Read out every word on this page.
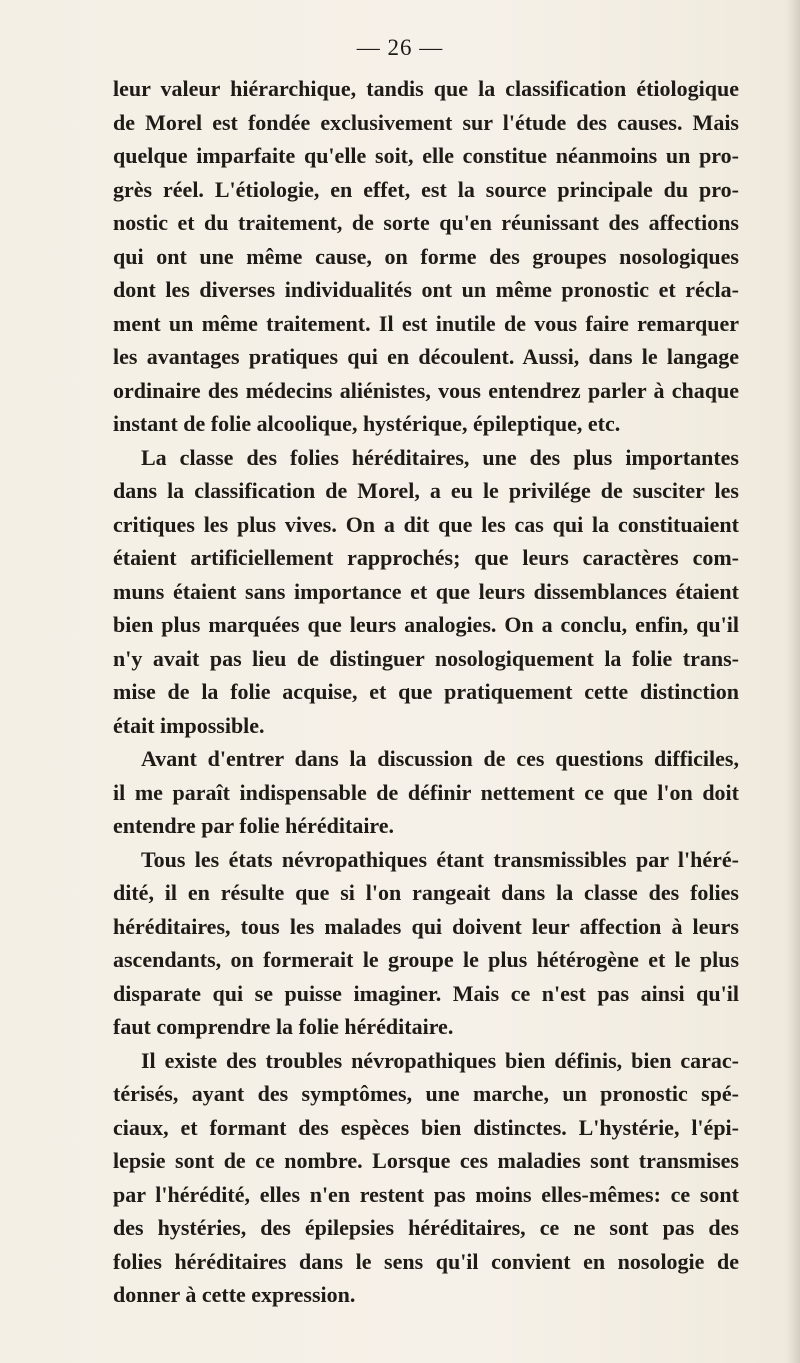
— 26 —
leur valeur hiérarchique, tandis que la classification étiologique
de Morel est fondée exclusivement sur l'étude des causes. Mais
quelque imparfaite qu'elle soit, elle constitue néanmoins un pro-
grès réel. L'étiologie, en effet, est la source principale du pro-
nostic et du traitement, de sorte qu'en réunissant des affections
qui ont une même cause, on forme des groupes nosologiques
dont les diverses individualités ont un même pronostic et récla-
ment un même traitement. Il est inutile de vous faire remarquer
les avantages pratiques qui en découlent. Aussi, dans le langage
ordinaire des médecins aliénistes, vous entendrez parler à chaque
instant de folie alcoolique, hystérique, épileptique, etc.
La classe des folies héréditaires, une des plus importantes
dans la classification de Morel, a eu le privilége de susciter les
critiques les plus vives. On a dit que les cas qui la constituaient
étaient artificiellement rapprochés; que leurs caractères com-
muns étaient sans importance et que leurs dissemblances étaient
bien plus marquées que leurs analogies. On a conclu, enfin, qu'il
n'y avait pas lieu de distinguer nosologiquement la folie trans-
mise de la folie acquise, et que pratiquement cette distinction
était impossible.
Avant d'entrer dans la discussion de ces questions difficiles,
il me paraît indispensable de définir nettement ce que l'on doit
entendre par folie héréditaire.
Tous les états névropathiques étant transmissibles par l'héré-
dité, il en résulte que si l'on rangeait dans la classe des folies
héréditaires, tous les malades qui doivent leur affection à leurs
ascendants, on formerait le groupe le plus hétérogène et le plus
disparate qui se puisse imaginer. Mais ce n'est pas ainsi qu'il
faut comprendre la folie héréditaire.
Il existe des troubles névropathiques bien définis, bien carac-
térisés, ayant des symptômes, une marche, un pronostic spé-
ciaux, et formant des espèces bien distinctes. L'hystérie, l'épi-
lepsie sont de ce nombre. Lorsque ces maladies sont transmises
par l'hérédité, elles n'en restent pas moins elles-mêmes: ce sont
des hystéries, des épilepsies héréditaires, ce ne sont pas des
folies héréditaires dans le sens qu'il convient en nosologie de
donner à cette expression.
